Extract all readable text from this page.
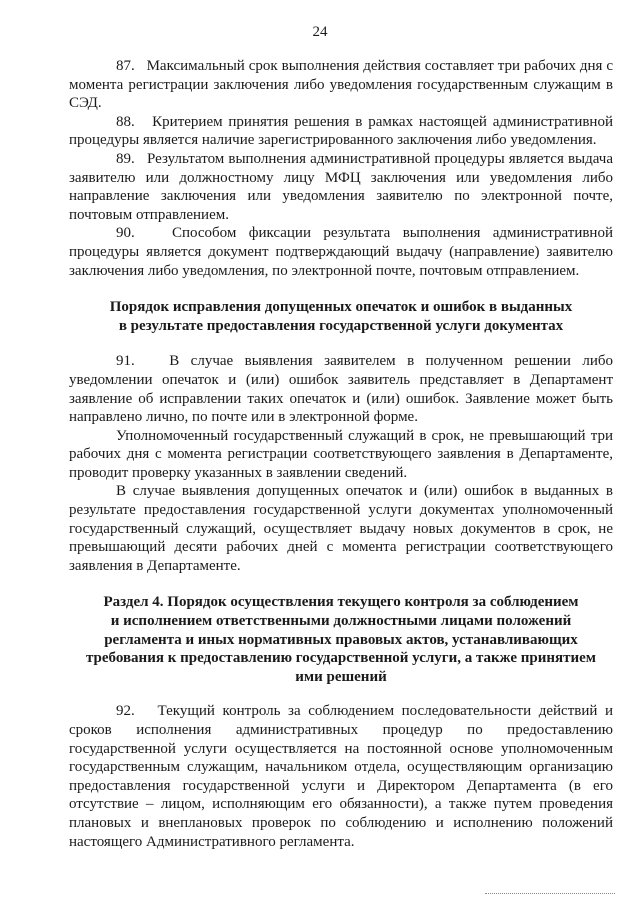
24

87.   Максимальный срок выполнения действия составляет три рабочих дня с момента регистрации заключения либо уведомления государственным служащим в СЭД.

88.   Критерием принятия решения в рамках настоящей административной процедуры является наличие зарегистрированного заключения либо уведомления.

89.   Результатом выполнения административной процедуры является выдача заявителю или должностному лицу МФЦ заключения или уведомления либо направление заключения или уведомления заявителю по электронной почте, почтовым отправлением.

90.   Способом фиксации результата выполнения административной процедуры является документ подтверждающий выдачу (направление) заявителю заключения либо уведомления, по электронной почте, почтовым отправлением.

Порядок исправления допущенных опечаток и ошибок в выданных
в результате предоставления государственной услуги документах

91.   В случае выявления заявителем в полученном решении либо уведомлении опечаток и (или) ошибок заявитель представляет в Департамент заявление об исправлении таких опечаток и (или) ошибок. Заявление может быть направлено лично, по почте или в электронной форме.

Уполномоченный государственный служащий в срок, не превышающий три рабочих дня с момента регистрации соответствующего заявления в Департаменте, проводит проверку указанных в заявлении сведений.

В случае выявления допущенных опечаток и (или) ошибок в выданных в результате предоставления государственной услуги документах уполномоченный государственный служащий, осуществляет выдачу новых документов в срок, не превышающий десяти рабочих дней с момента регистрации соответствующего заявления в Департаменте.

Раздел 4. Порядок осуществления текущего контроля за соблюдением
и исполнением ответственными должностными лицами положений
регламента и иных нормативных правовых актов, устанавливающих
требования к предоставлению государственной услуги, а также принятием
ими решений

92.   Текущий контроль за соблюдением последовательности действий и сроков исполнения административных процедур по предоставлению государственной услуги осуществляется на постоянной основе уполномоченным государственным служащим, начальником отдела, осуществляющим организацию предоставления государственной услуги и Директором Департамента (в его отсутствие – лицом, исполняющим его обязанности), а также путем проведения плановых и внеплановых проверок по соблюдению и исполнению положений настоящего Административного регламента.
